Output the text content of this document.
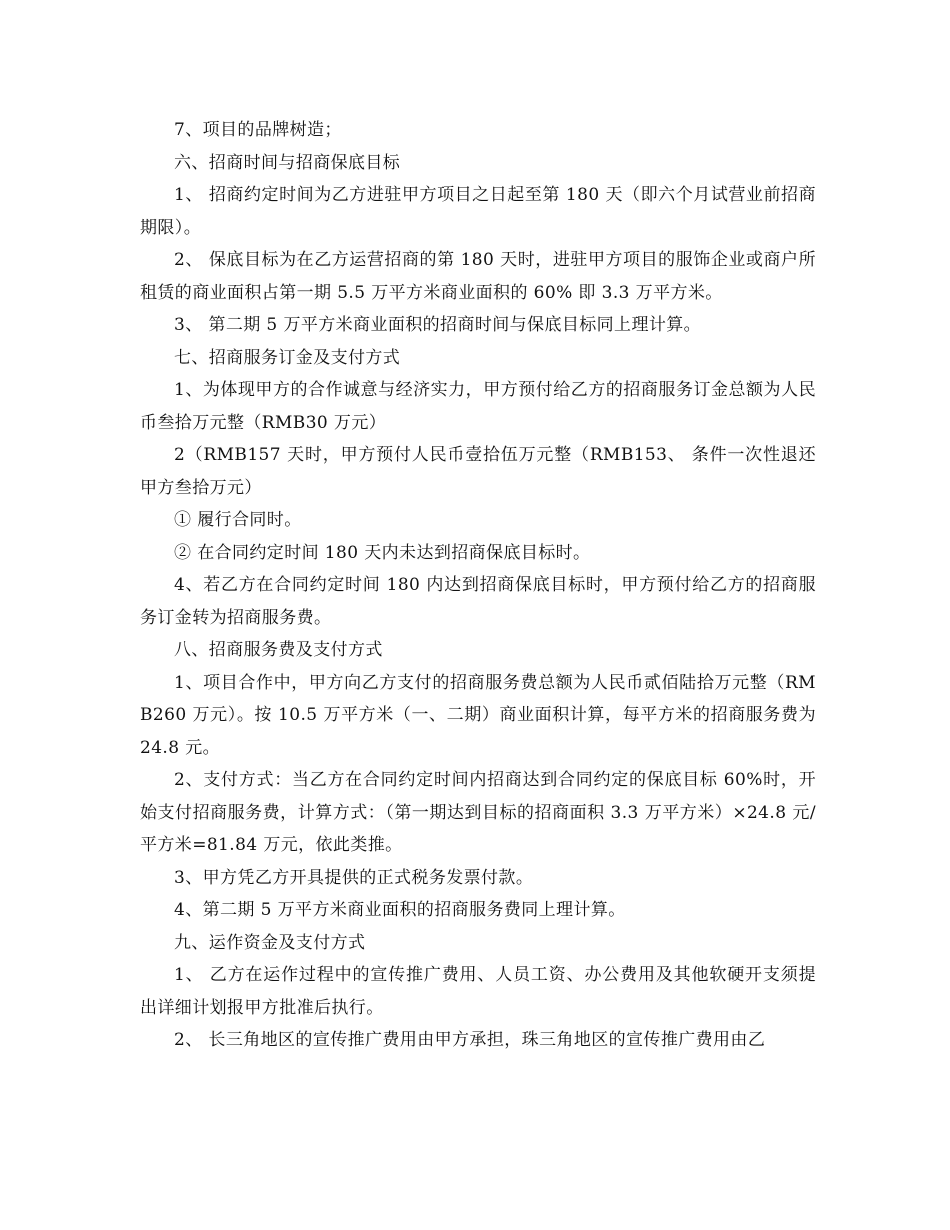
7、项目的品牌树造；

六、招商时间与招商保底目标

1、 招商约定时间为乙方进驻甲方项目之日起至第 180 天（即六个月试营业前招商期限）。

2、 保底目标为在乙方运营招商的第 180 天时，进驻甲方项目的服饰企业或商户所租赁的商业面积占第一期 5.5 万平方米商业面积的 60% 即 3.3 万平方米。

3、 第二期 5 万平方米商业面积的招商时间与保底目标同上理计算。

七、招商服务订金及支付方式

1、为体现甲方的合作诚意与经济实力，甲方预付给乙方的招商服务订金总额为人民币叁拾万元整（RMB30 万元）

2（RMB157 天时，甲方预付人民币壹拾伍万元整（RMB153、 条件一次性退还甲方叁拾万元）

① 履行合同时。

② 在合同约定时间 180 天内未达到招商保底目标时。

4、若乙方在合同约定时间 180 内达到招商保底目标时，甲方预付给乙方的招商服务订金转为招商服务费。

八、招商服务费及支付方式

1、项目合作中，甲方向乙方支付的招商服务费总额为人民币贰佰陆拾万元整（RMB260 万元）。按 10.5 万平方米（一、二期）商业面积计算，每平方米的招商服务费为 24.8 元。

2、支付方式：当乙方在合同约定时间内招商达到合同约定的保底目标 60%时，开始支付招商服务费，计算方式：（第一期达到目标的招商面积 3.3 万平方米）×24.8 元/平方米=81.84 万元，依此类推。

3、甲方凭乙方开具提供的正式税务发票付款。

4、第二期 5 万平方米商业面积的招商服务费同上理计算。

九、运作资金及支付方式

1、 乙方在运作过程中的宣传推广费用、人员工资、办公费用及其他软硬开支须提出详细计划报甲方批准后执行。

2、 长三角地区的宣传推广费用由甲方承担，珠三角地区的宣传推广费用由乙
